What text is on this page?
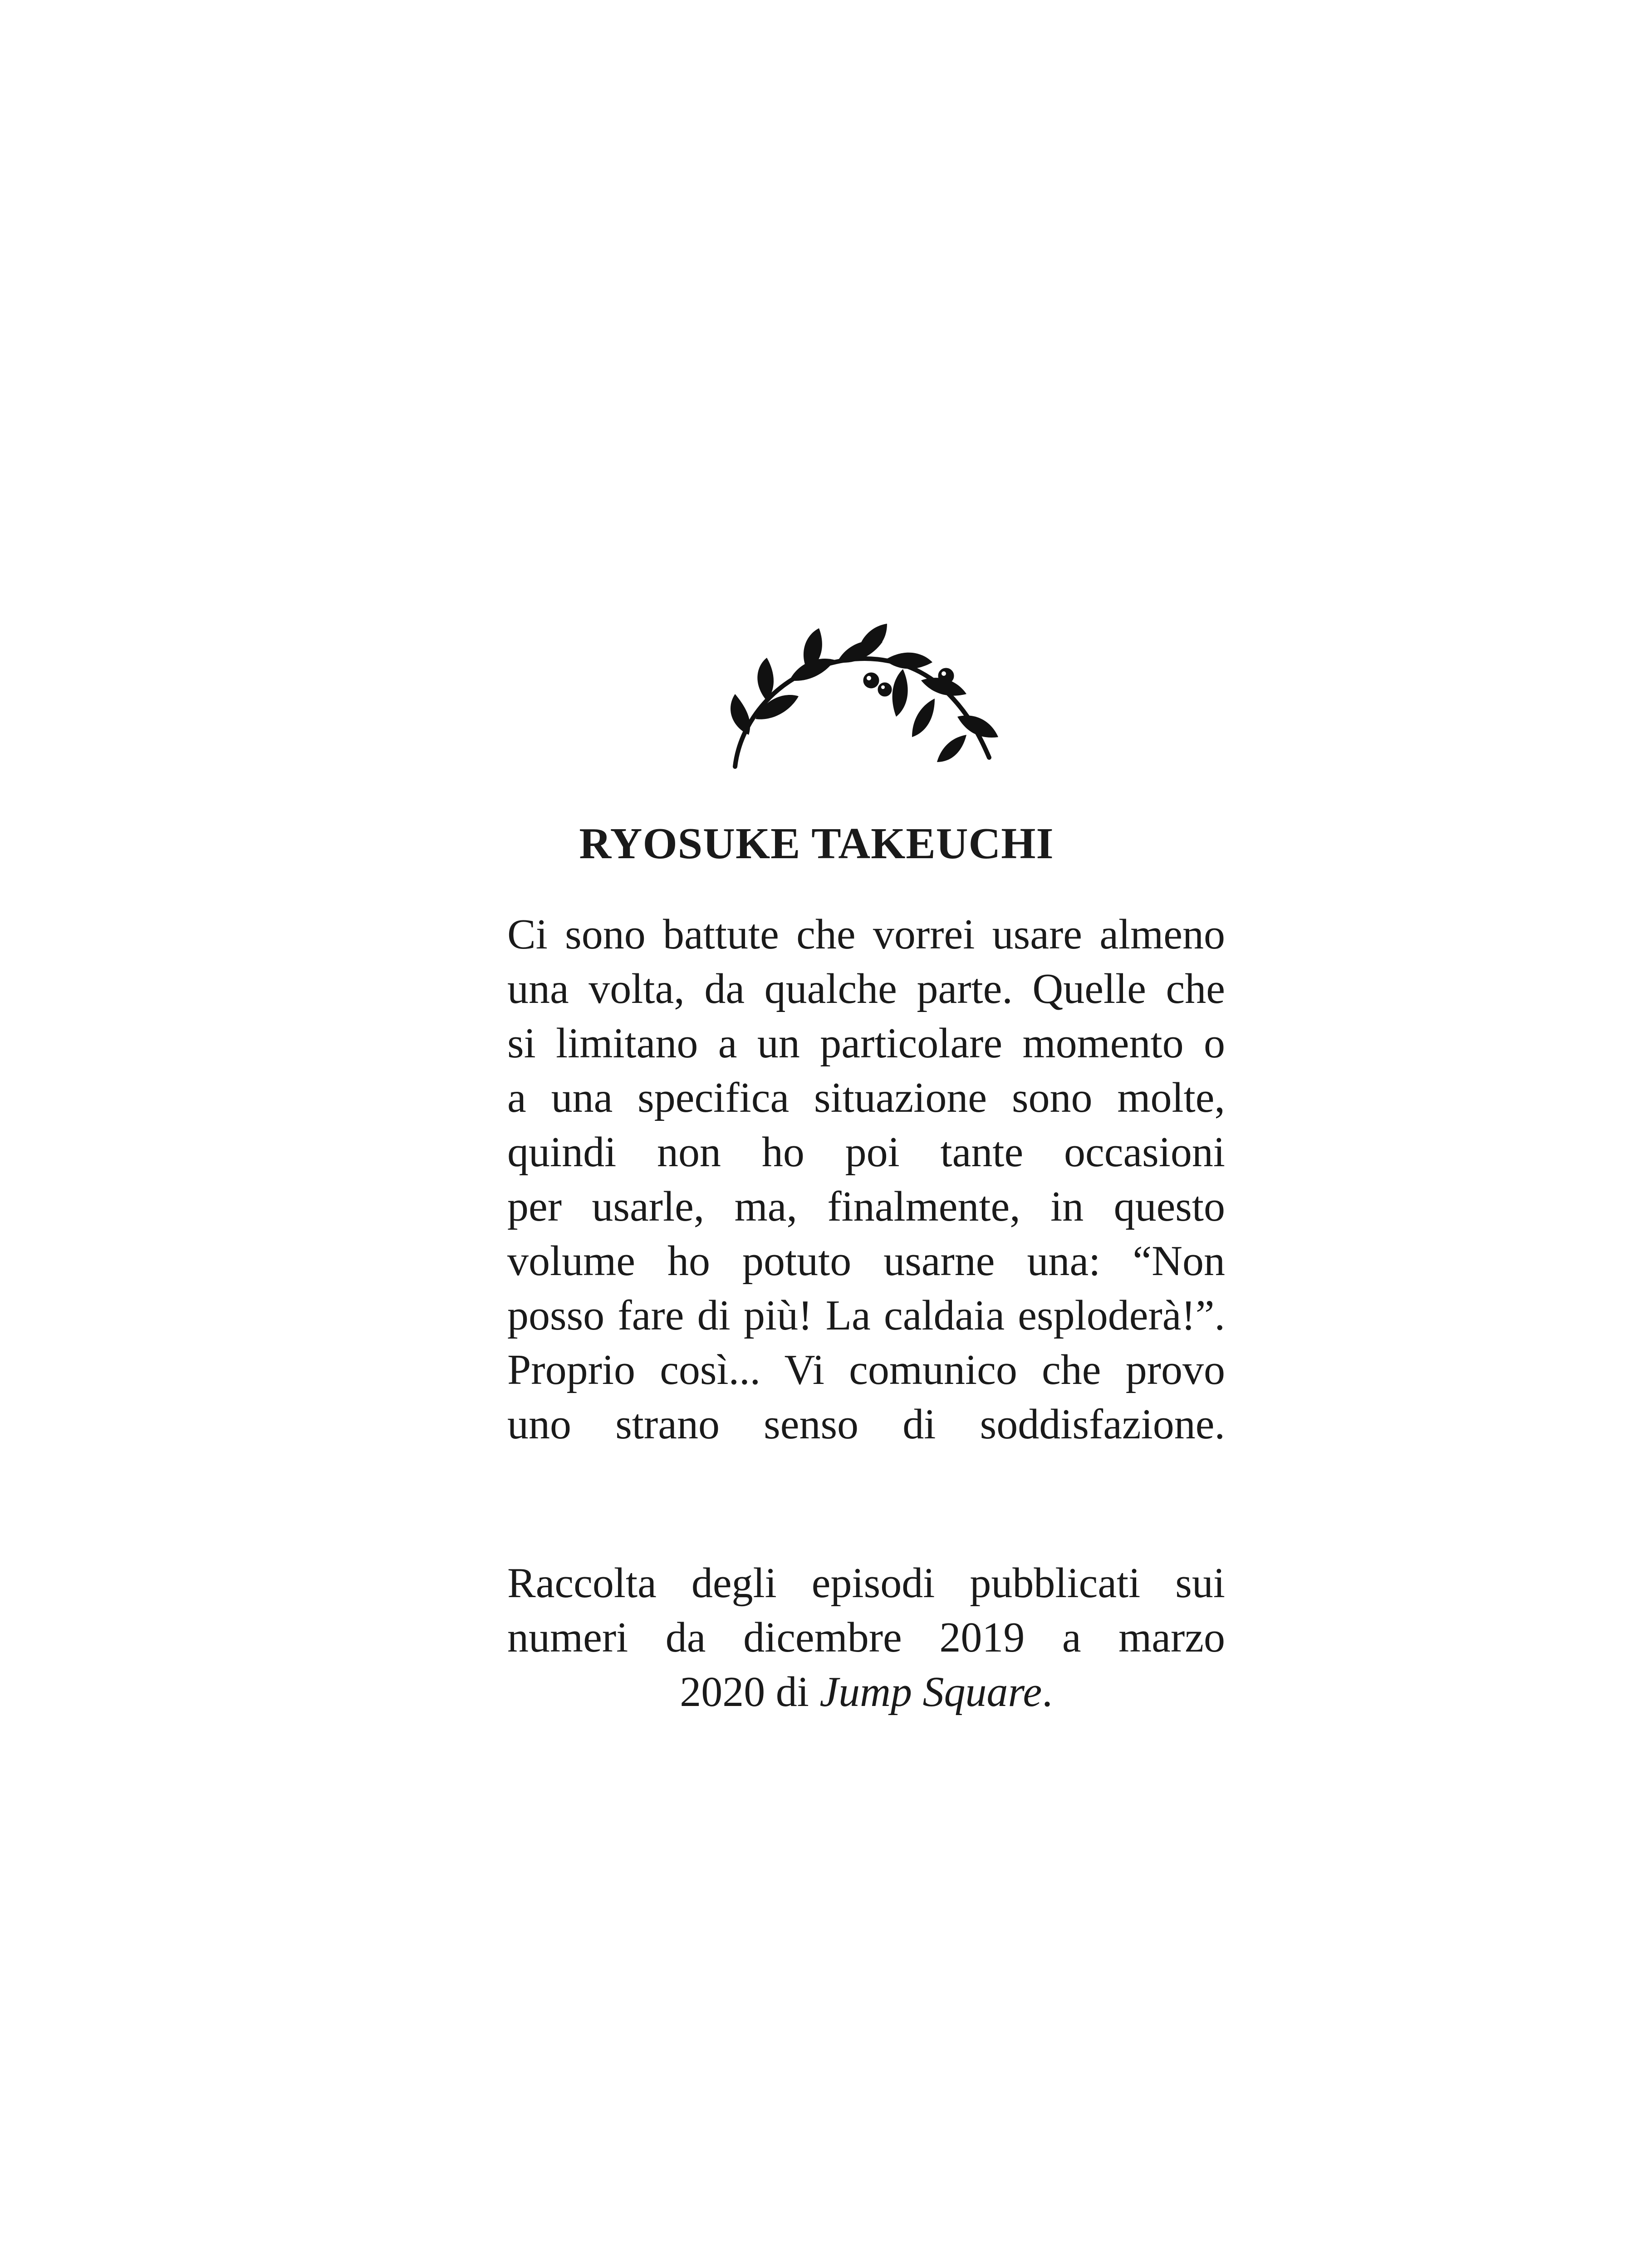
RYOSUKE TAKEUCHI
Ci sono battute che vorrei usare almeno
una volta, da qualche parte. Quelle che
si limitano a un particolare momento o
a una specifica situazione sono molte,
quindi non ho poi tante occasioni
per usarle, ma, finalmente, in questo
volume ho potuto usarne una: “Non
posso fare di più! La caldaia esploderà!”.
Proprio così... Vi comunico che provo
uno strano senso di soddisfazione.
Raccolta degli episodi pubblicati sui
numeri da dicembre 2019 a marzo
2020 di Jump Square.
